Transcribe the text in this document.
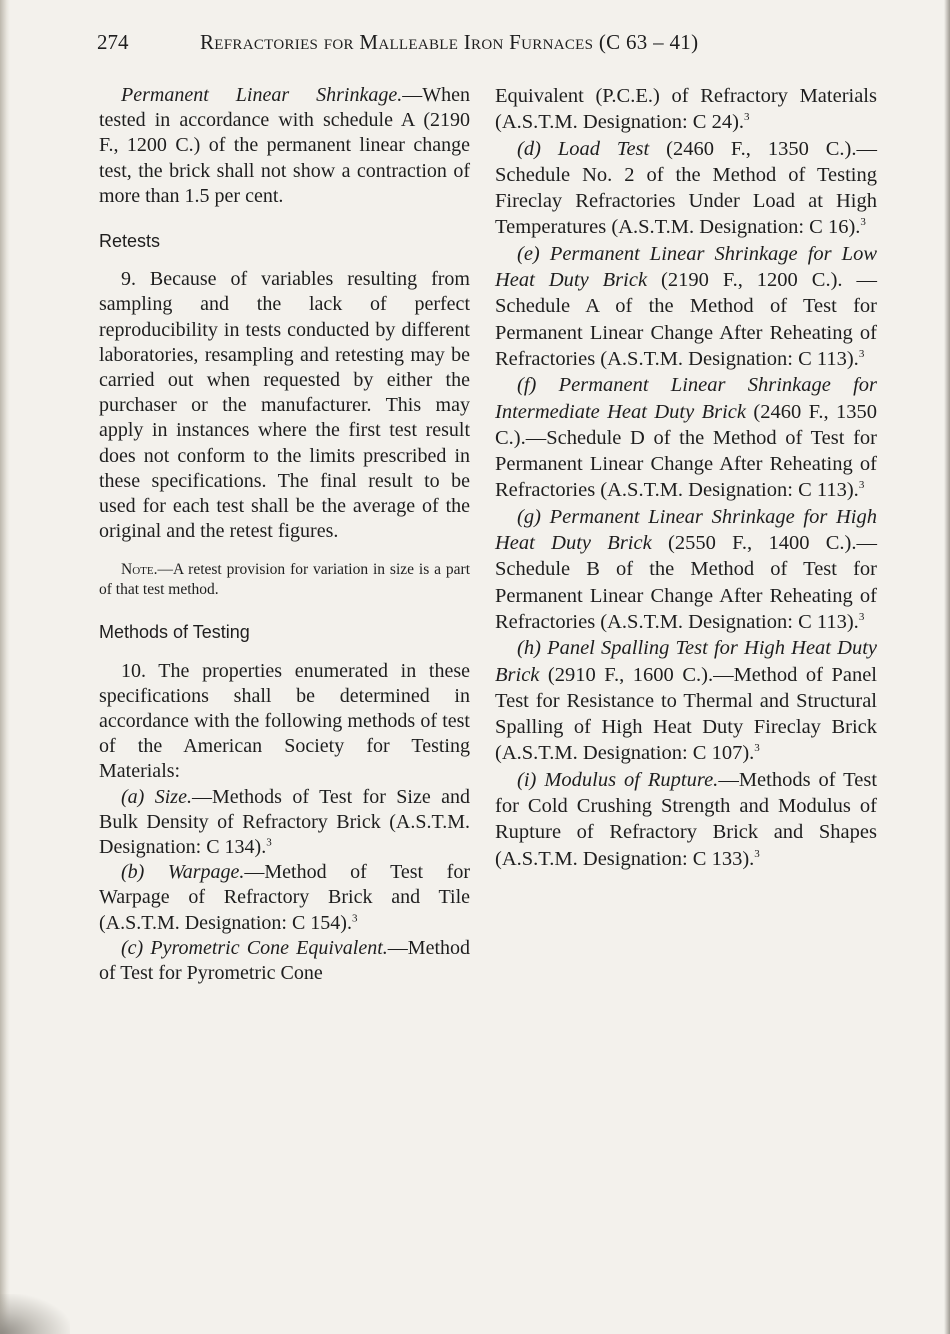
274	Refractories for Malleable Iron Furnaces (C 63 – 41)

Permanent Linear Shrinkage.—When tested in accordance with schedule A (2190 F., 1200 C.) of the permanent linear change test, the brick shall not show a contraction of more than 1.5 per cent.

Retests

9. Because of variables resulting from sampling and the lack of perfect reproducibility in tests conducted by different laboratories, resampling and retesting may be carried out when requested by either the purchaser or the manufacturer. This may apply in instances where the first test result does not conform to the limits prescribed in these specifications. The final result to be used for each test shall be the average of the original and the retest figures.

Note.—A retest provision for variation in size is a part of that test method.

Methods of Testing

10. The properties enumerated in these specifications shall be determined in accordance with the following methods of test of the American Society for Testing Materials:

(a) Size.—Methods of Test for Size and Bulk Density of Refractory Brick (A.S.T.M. Designation: C 134).$^3$

(b) Warpage.—Method of Test for Warpage of Refractory Brick and Tile (A.S.T.M. Designation: C 154).$^3$

(c) Pyrometric Cone Equivalent.—Method of Test for Pyrometric Cone

Equivalent (P.C.E.) of Refractory Materials (A.S.T.M. Designation: C 24).$^3$

(d) Load Test (2460 F., 1350 C.).—Schedule No. 2 of the Method of Testing Fireclay Refractories Under Load at High Temperatures (A.S.T.M. Designation: C 16).$^3$

(e) Permanent Linear Shrinkage for Low Heat Duty Brick (2190 F., 1200 C.). —Schedule A of the Method of Test for Permanent Linear Change After Reheating of Refractories (A.S.T.M. Designation: C 113).$^3$

(f) Permanent Linear Shrinkage for Intermediate Heat Duty Brick (2460 F., 1350 C.).—Schedule D of the Method of Test for Permanent Linear Change After Reheating of Refractories (A.S.T.M. Designation: C 113).$^3$

(g) Permanent Linear Shrinkage for High Heat Duty Brick (2550 F., 1400 C.).—Schedule B of the Method of Test for Permanent Linear Change After Reheating of Refractories (A.S.T.M. Designation: C 113).$^3$

(h) Panel Spalling Test for High Heat Duty Brick (2910 F., 1600 C.).—Method of Panel Test for Resistance to Thermal and Structural Spalling of High Heat Duty Fireclay Brick (A.S.T.M. Designation: C 107).$^3$

(i) Modulus of Rupture.—Methods of Test for Cold Crushing Strength and Modulus of Rupture of Refractory Brick and Shapes (A.S.T.M. Designation: C 133).$^3$
